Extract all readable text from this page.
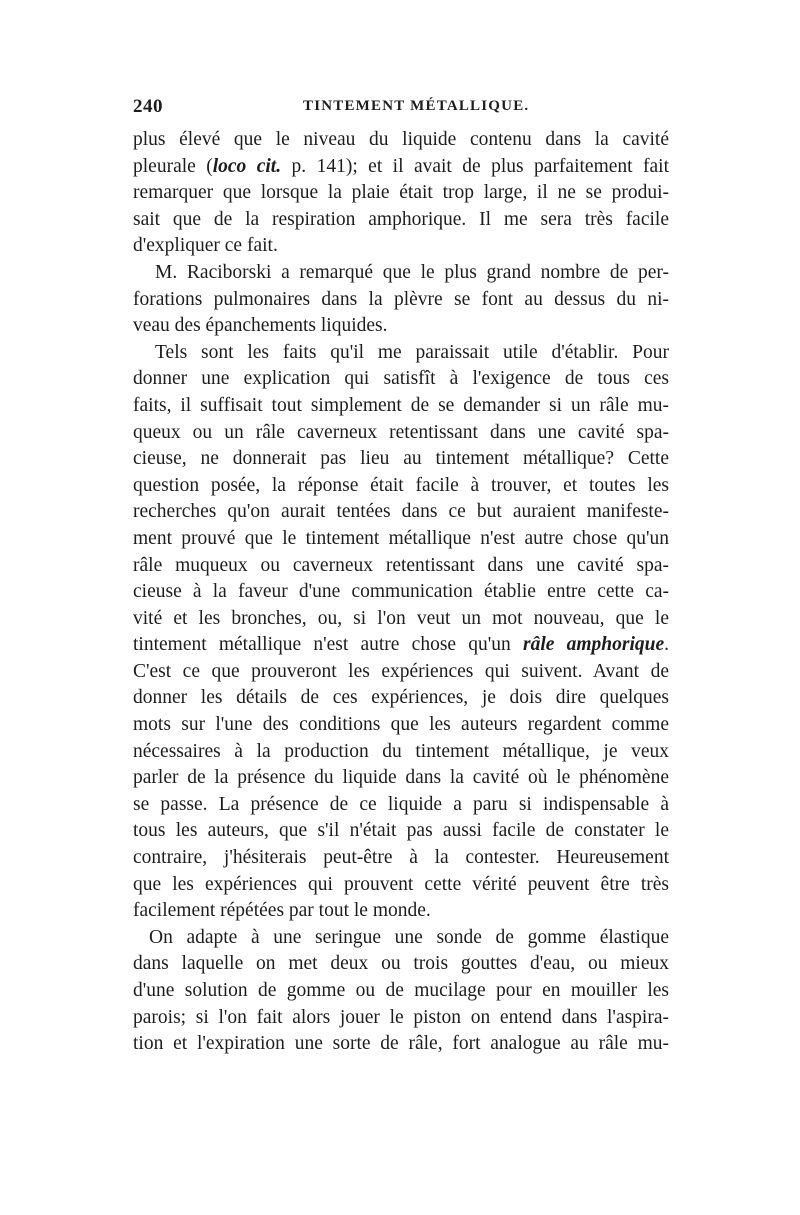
240	TINTEMENT MÉTALLIQUE.
plus élevé que le niveau du liquide contenu dans la cavité
pleurale (loco cit. p. 141); et il avait de plus parfaitement fait
remarquer que lorsque la plaie était trop large, il ne se produi-
sait que de la respiration amphorique. Il me sera très facile
d'expliquer ce fait.
M. Raciborski a remarqué que le plus grand nombre de per-
forations pulmonaires dans la plèvre se font au dessus du ni-
veau des épanchements liquides.
Tels sont les faits qu'il me paraissait utile d'établir. Pour
donner une explication qui satisfît à l'exigence de tous ces
faits, il suffisait tout simplement de se demander si un râle mu-
queux ou un râle caverneux retentissant dans une cavité spa-
cieuse, ne donnerait pas lieu au tintement métallique? Cette
question posée, la réponse était facile à trouver, et toutes les
recherches qu'on aurait tentées dans ce but auraient manifeste-
ment prouvé que le tintement métallique n'est autre chose qu'un
râle muqueux ou caverneux retentissant dans une cavité spa-
cieuse à la faveur d'une communication établie entre cette ca-
vité et les bronches, ou, si l'on veut un mot nouveau, que le
tintement métallique n'est autre chose qu'un râle amphorique.
C'est ce que prouveront les expériences qui suivent. Avant de
donner les détails de ces expériences, je dois dire quelques
mots sur l'une des conditions que les auteurs regardent comme
nécessaires à la production du tintement métallique, je veux
parler de la présence du liquide dans la cavité où le phénomène
se passe. La présence de ce liquide a paru si indispensable à
tous les auteurs, que s'il n'était pas aussi facile de constater le
contraire, j'hésiterais peut-être à la contester. Heureusement
que les expériences qui prouvent cette vérité peuvent être très
facilement répétées par tout le monde.
On adapte à une seringue une sonde de gomme élastique
dans laquelle on met deux ou trois gouttes d'eau, ou mieux
d'une solution de gomme ou de mucilage pour en mouiller les
parois; si l'on fait alors jouer le piston on entend dans l'aspira-
tion et l'expiration une sorte de râle, fort analogue au râle mu-
